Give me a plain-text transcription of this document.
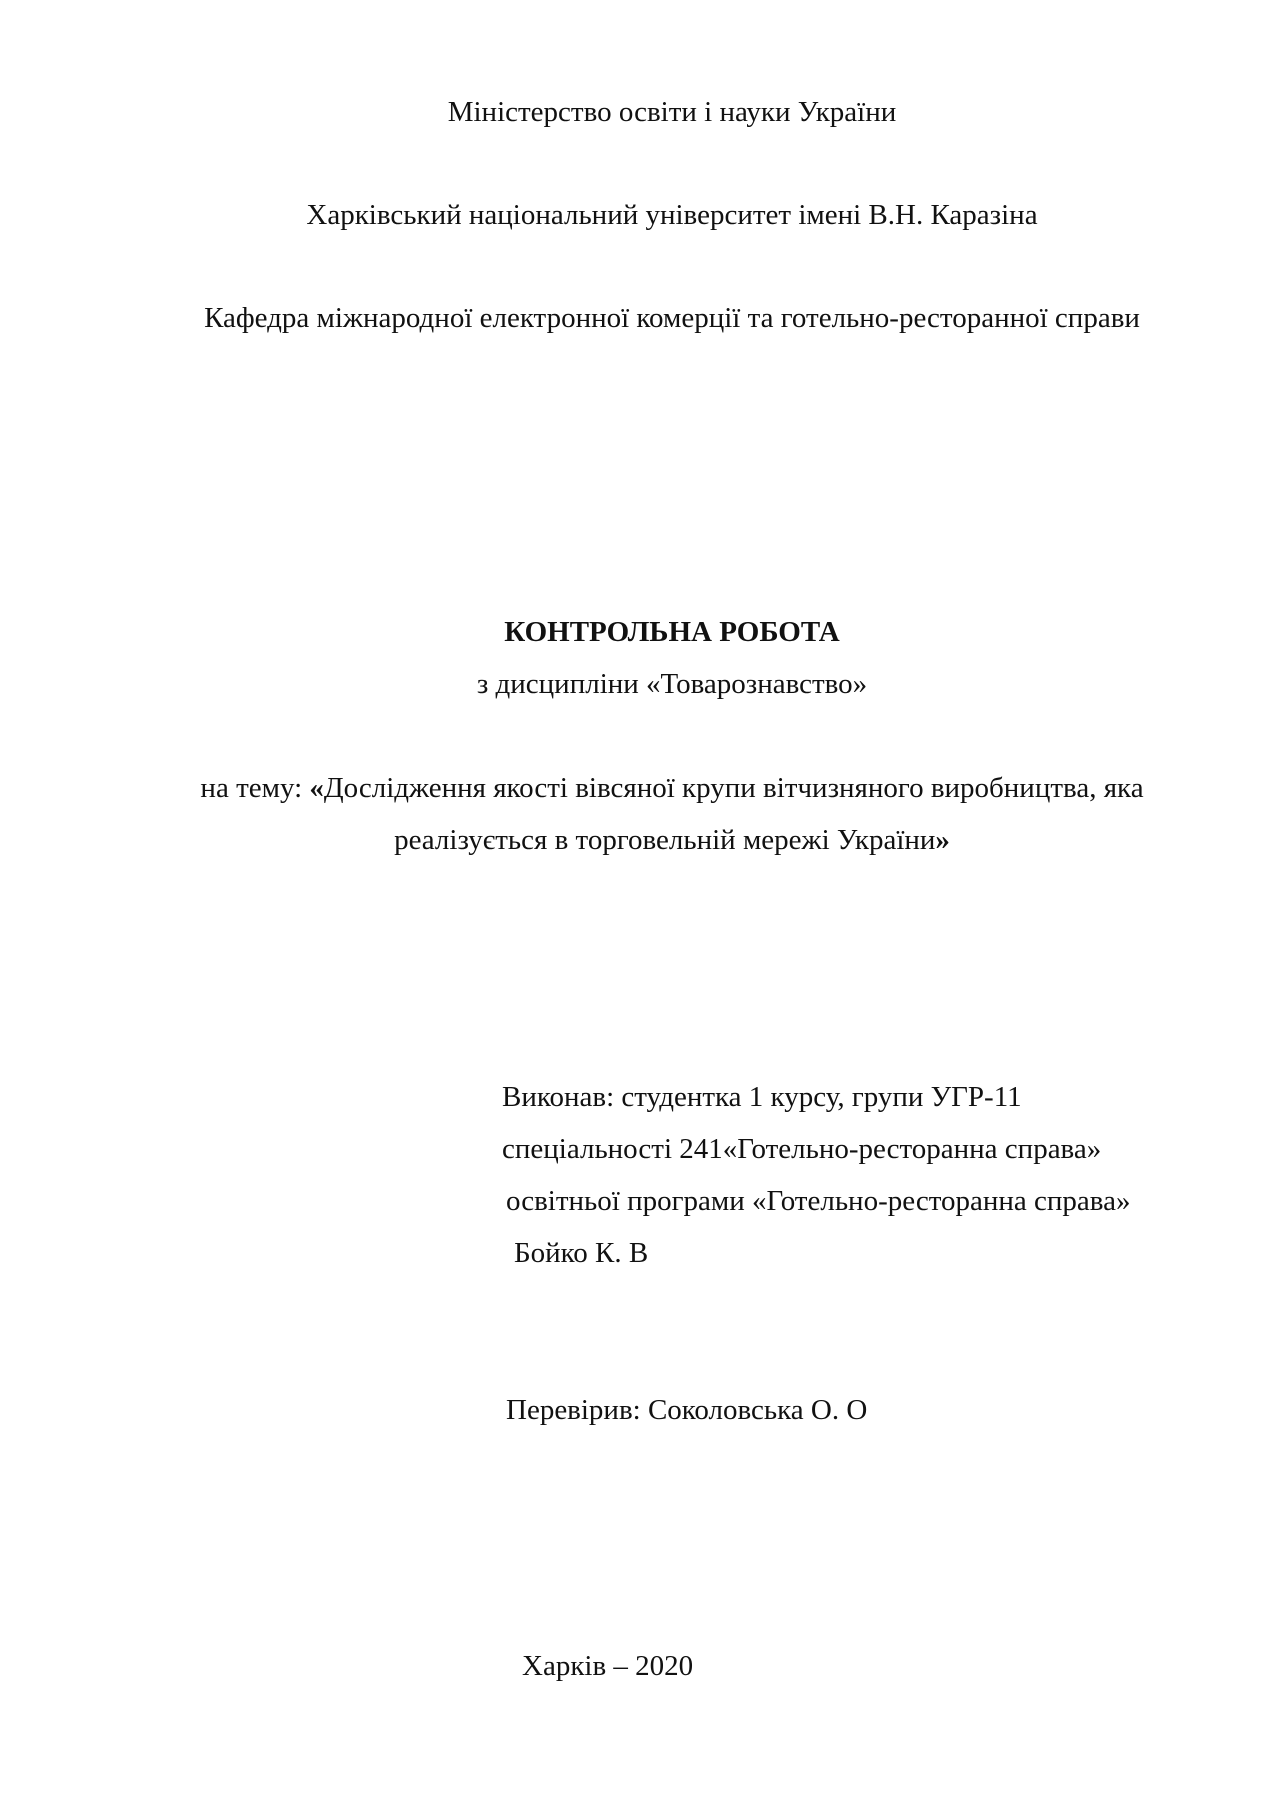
Міністерство освіти і науки України
Харківський національний університет імені В.Н. Каразіна
Кафедра міжнародної електронної комерції та готельно-ресторанної справи
КОНТРОЛЬНА РОБОТА
з дисципліни «Товарознавство»
на тему: «Дослідження якості вівсяної крупи вітчизняного виробництва, яка
реалізується в торговельній мережі України»
Виконав: студентка 1 курсу, групи УГР-11
спеціальності 241«Готельно-ресторанна справа»
освітньої програми «Готельно-ресторанна справа»
Бойко К. В
Перевірив: Соколовська О. О
Харків – 2020
